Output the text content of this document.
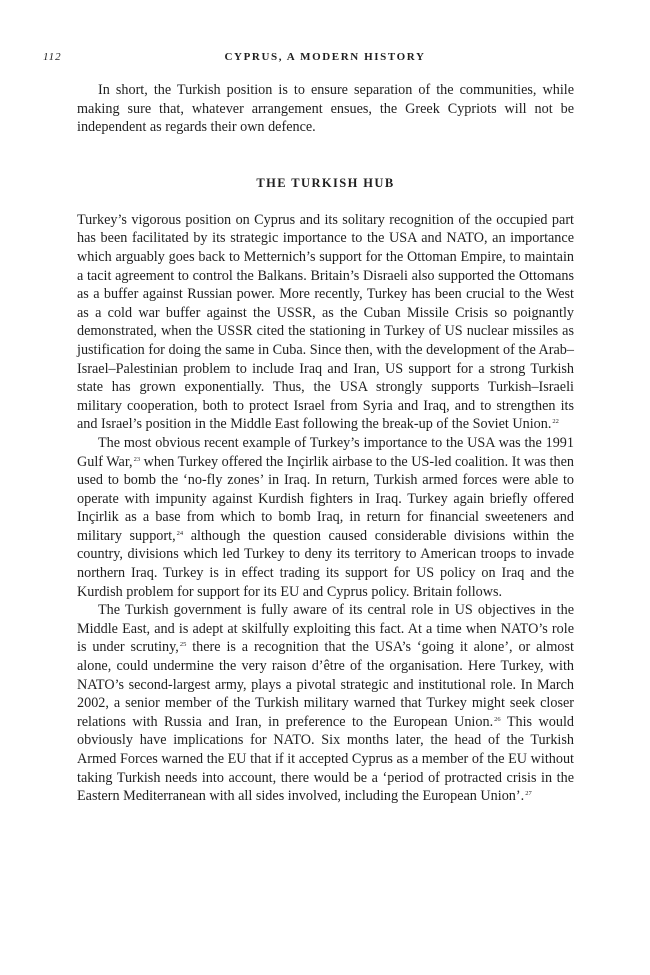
112	CYPRUS, A MODERN HISTORY

In short, the Turkish position is to ensure separation of the communities, while making sure that, whatever arrangement ensues, the Greek Cypriots will not be independent as regards their own defence.

THE TURKISH HUB

Turkey’s vigorous position on Cyprus and its solitary recognition of the occupied part has been facilitated by its strategic importance to the USA and NATO, an importance which arguably goes back to Metternich’s support for the Ottoman Empire, to maintain a tacit agreement to control the Balkans. Britain’s Disraeli also supported the Ottomans as a buffer against Russian power. More recently, Turkey has been crucial to the West as a cold war buffer against the USSR, as the Cuban Missile Crisis so poignantly demonstrated, when the USSR cited the stationing in Turkey of US nuclear missiles as justification for doing the same in Cuba. Since then, with the development of the Arab–Israel–Palestinian problem to include Iraq and Iran, US support for a strong Turkish state has grown exponentially. Thus, the USA strongly supports Turkish–Israeli military cooperation, both to protect Israel from Syria and Iraq, and to strengthen its and Israel’s position in the Middle East following the break-up of the Soviet Union.$^{22}$

The most obvious recent example of Turkey’s importance to the USA was the 1991 Gulf War,$^{23}$ when Turkey offered the Inçirlik airbase to the US-led coalition. It was then used to bomb the ‘no-fly zones’ in Iraq. In return, Turkish armed forces were able to operate with impunity against Kurdish fighters in Iraq. Turkey again briefly offered Inçirlik as a base from which to bomb Iraq, in return for financial sweeteners and military support,$^{24}$ although the question caused considerable divisions within the country, divisions which led Turkey to deny its territory to American troops to invade northern Iraq. Turkey is in effect trading its support for US policy on Iraq and the Kurdish problem for support for its EU and Cyprus policy. Britain follows.

The Turkish government is fully aware of its central role in US objectives in the Middle East, and is adept at skilfully exploiting this fact. At a time when NATO’s role is under scrutiny,$^{25}$ there is a recognition that the USA’s ‘going it alone’, or almost alone, could undermine the very raison d’être of the organisation. Here Turkey, with NATO’s second-largest army, plays a pivotal strategic and institutional role. In March 2002, a senior member of the Turkish military warned that Turkey might seek closer relations with Russia and Iran, in preference to the European Union.$^{26}$ This would obviously have implications for NATO. Six months later, the head of the Turkish Armed Forces warned the EU that if it accepted Cyprus as a member of the EU without taking Turkish needs into account, there would be a ‘period of protracted crisis in the Eastern Mediterranean with all sides involved, including the European Union’.$^{27}$
